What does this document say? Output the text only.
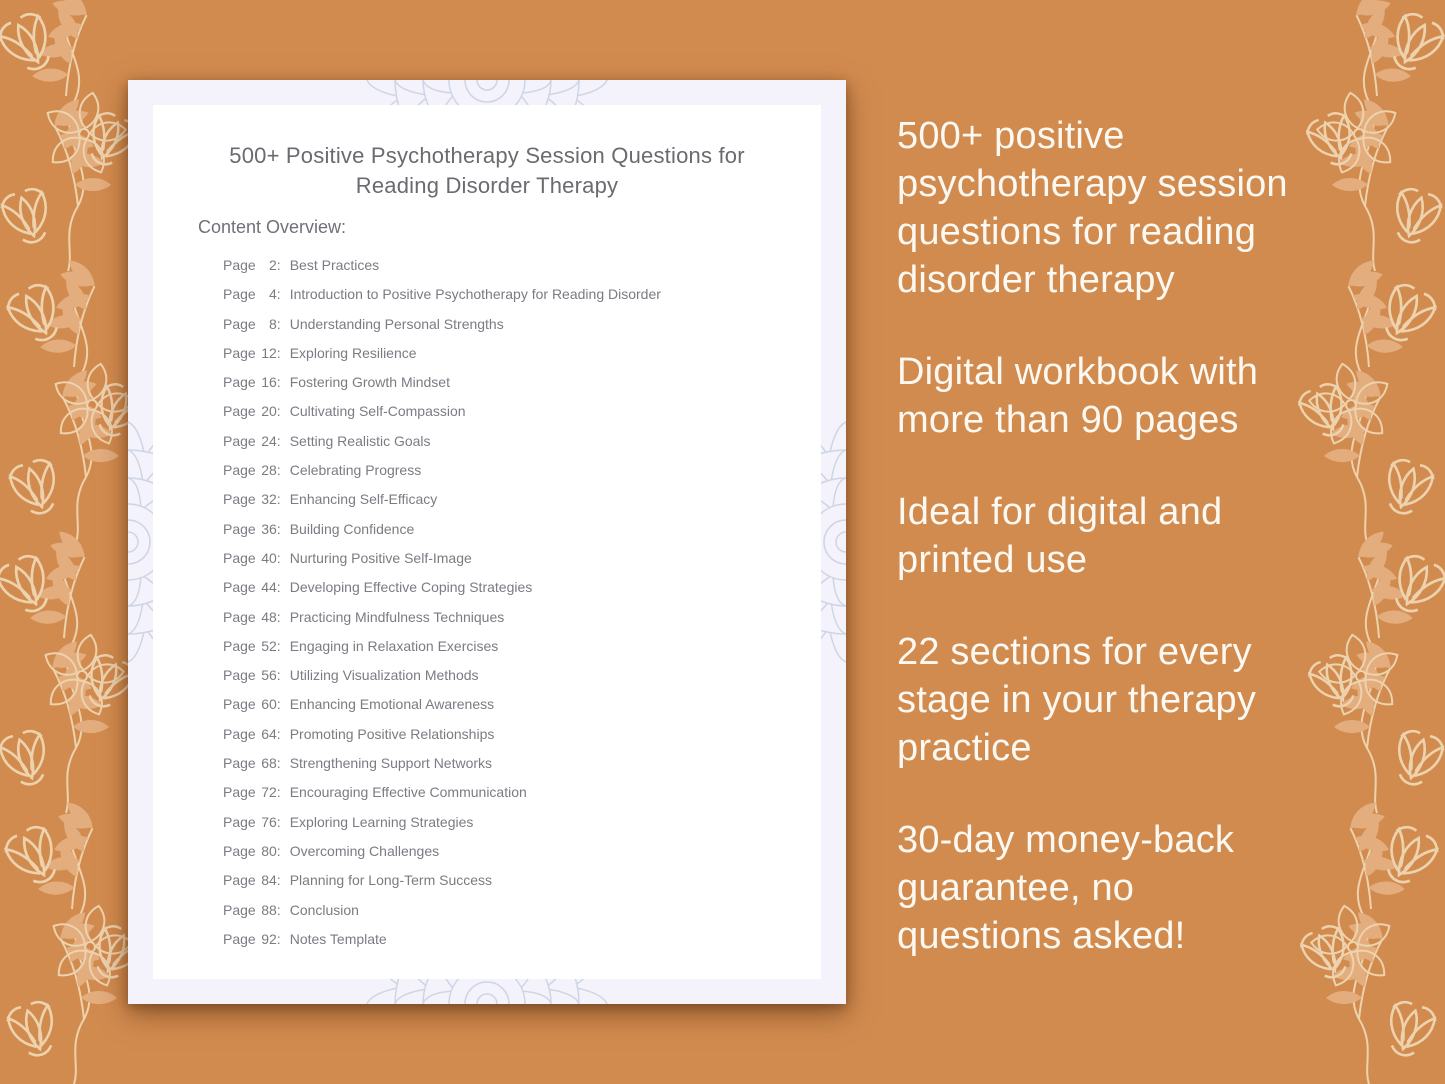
500+ Positive Psychotherapy Session Questions for Reading Disorder Therapy
Content Overview:
Page 2: Best Practices
Page 4: Introduction to Positive Psychotherapy for Reading Disorder
Page 8: Understanding Personal Strengths
Page 12: Exploring Resilience
Page 16: Fostering Growth Mindset
Page 20: Cultivating Self-Compassion
Page 24: Setting Realistic Goals
Page 28: Celebrating Progress
Page 32: Enhancing Self-Efficacy
Page 36: Building Confidence
Page 40: Nurturing Positive Self-Image
Page 44: Developing Effective Coping Strategies
Page 48: Practicing Mindfulness Techniques
Page 52: Engaging in Relaxation Exercises
Page 56: Utilizing Visualization Methods
Page 60: Enhancing Emotional Awareness
Page 64: Promoting Positive Relationships
Page 68: Strengthening Support Networks
Page 72: Encouraging Effective Communication
Page 76: Exploring Learning Strategies
Page 80: Overcoming Challenges
Page 84: Planning for Long-Term Success
Page 88: Conclusion
Page 92: Notes Template

500+ positive psychotherapy session questions for reading disorder therapy

Digital workbook with more than 90 pages

Ideal for digital and printed use

22 sections for every stage in your therapy practice

30-day money-back guarantee, no questions asked!
